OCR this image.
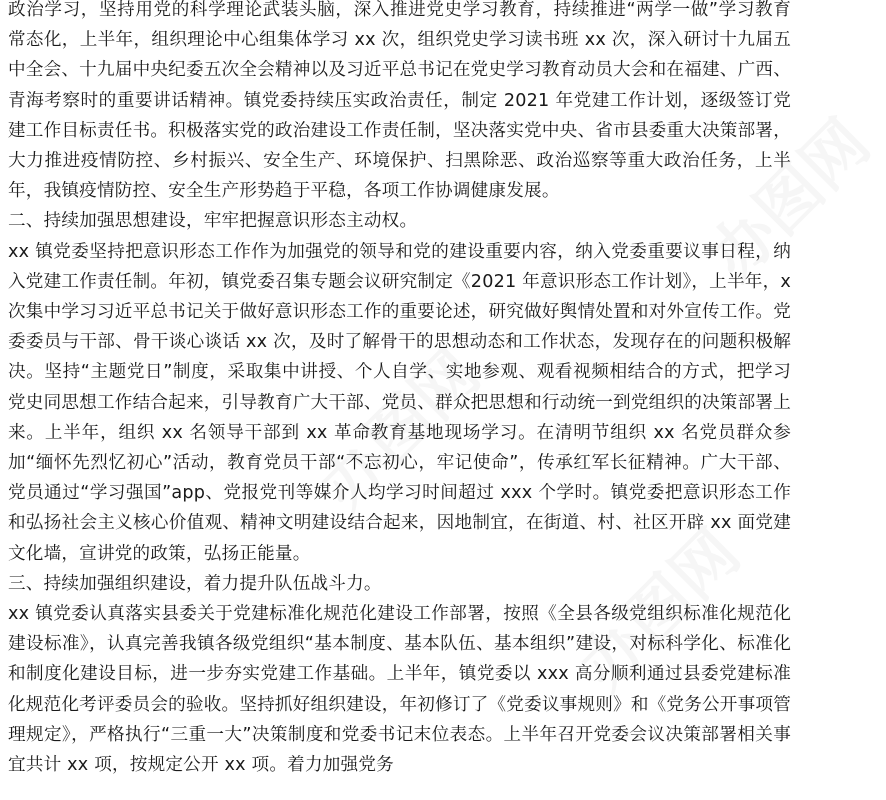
办图网
办图网
办图网

政治学习，坚持用党的科学理论武装头脑，深入推进党史学习教育，持续推进“两学一做”学习教育常态化，上半年，组织理论中心组集体学习 xx 次，组织党史学习读书班 xx 次，深入研讨十九届五中全会、十九届中央纪委五次全会精神以及习近平总书记在党史学习教育动员大会和在福建、广西、青海考察时的重要讲话精神。镇党委持续压实政治责任，制定 2021 年党建工作计划，逐级签订党建工作目标责任书。积极落实党的政治建设工作责任制，坚决落实党中央、省市县委重大决策部署，大力推进疫情防控、乡村振兴、安全生产、环境保护、扫黑除恶、政治巡察等重大政治任务，上半年，我镇疫情防控、安全生产形势趋于平稳，各项工作协调健康发展。

二、持续加强思想建设，牢牢把握意识形态主动权。

xx 镇党委坚持把意识形态工作作为加强党的领导和党的建设重要内容，纳入党委重要议事日程，纳入党建工作责任制。年初，镇党委召集专题会议研究制定《2021 年意识形态工作计划》，上半年，x 次集中学习习近平总书记关于做好意识形态工作的重要论述，研究做好舆情处置和对外宣传工作。党委委员与干部、骨干谈心谈话 xx 次，及时了解骨干的思想动态和工作状态，发现存在的问题积极解决。坚持“主题党日”制度，采取集中讲授、个人自学、实地参观、观看视频相结合的方式，把学习党史同思想工作结合起来，引导教育广大干部、党员、群众把思想和行动统一到党组织的决策部署上来。上半年，组织 xx 名领导干部到 xx 革命教育基地现场学习。在清明节组织 xx 名党员群众参加“缅怀先烈忆初心”活动，教育党员干部“不忘初心，牢记使命”，传承红军长征精神。广大干部、党员通过“学习强国”app、党报党刊等媒介人均学习时间超过 xxx 个学时。镇党委把意识形态工作和弘扬社会主义核心价值观、精神文明建设结合起来，因地制宜，在街道、村、社区开辟 xx 面党建文化墙，宣讲党的政策，弘扬正能量。

三、持续加强组织建设，着力提升队伍战斗力。

xx 镇党委认真落实县委关于党建标准化规范化建设工作部署，按照《全县各级党组织标准化规范化建设标准》，认真完善我镇各级党组织“基本制度、基本队伍、基本组织”建设，对标科学化、标准化和制度化建设目标，进一步夯实党建工作基础。上半年，镇党委以 xxx 高分顺利通过县委党建标准化规范化考评委员会的验收。坚持抓好组织建设，年初修订了《党委议事规则》和《党务公开事项管理规定》，严格执行“三重一大”决策制度和党委书记末位表态。上半年召开党委会议决策部署相关事宜共计 xx 项，按规定公开 xx 项。着力加强党务
